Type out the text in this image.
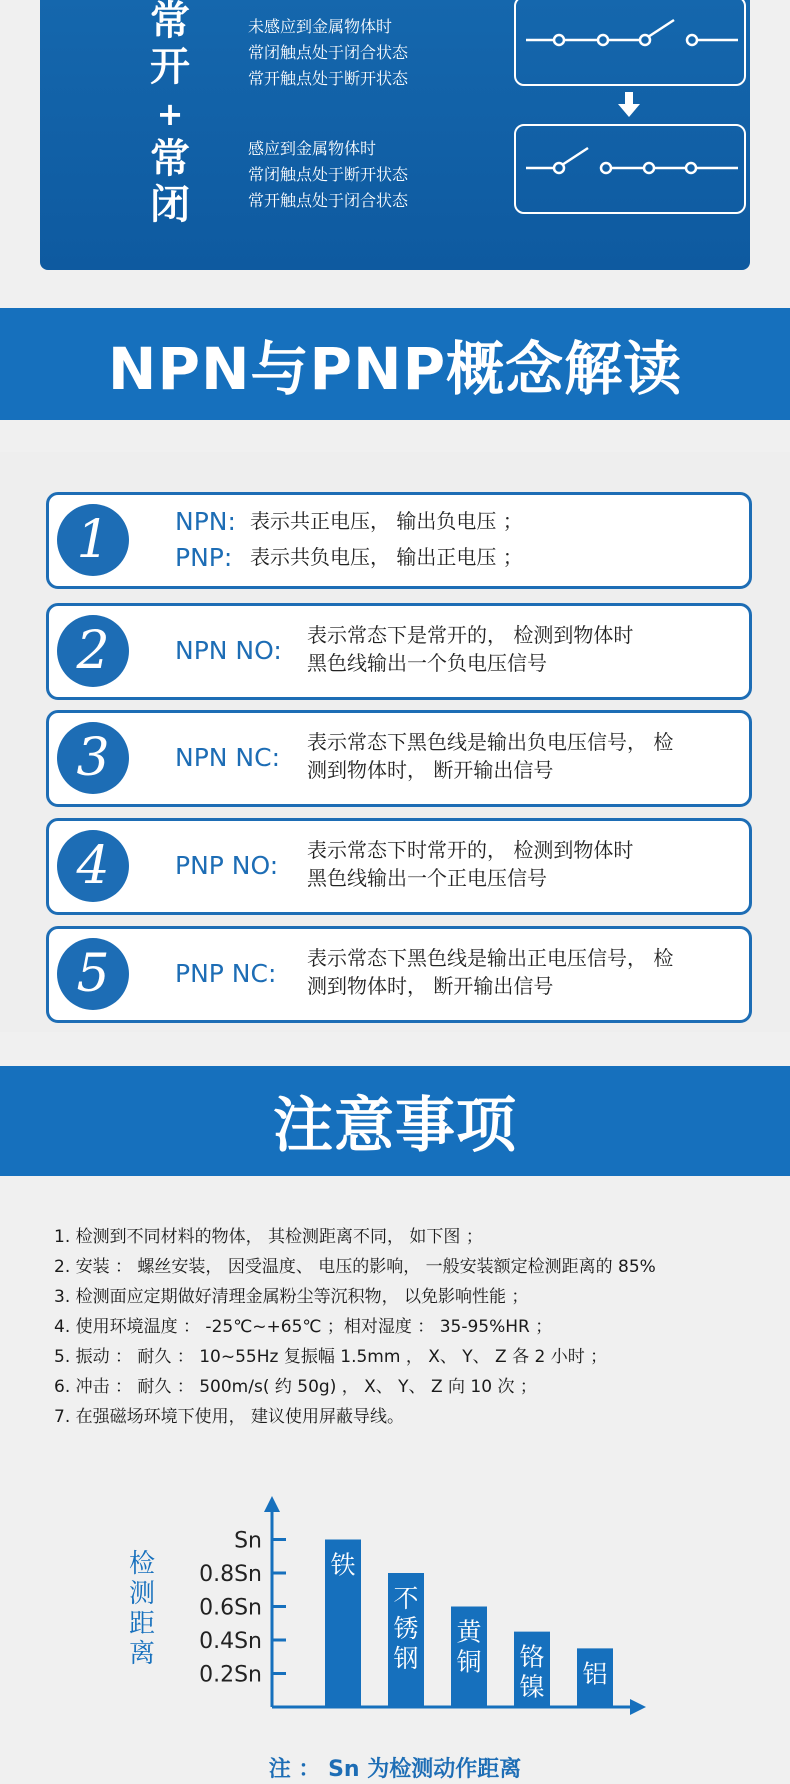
常开
+
常闭
未感应到金属物体时
常闭触点处于闭合状态
常开触点处于断开状态
感应到金属物体时
常闭触点处于断开状态
常开触点处于闭合状态
NPN与PNP概念解读
1	NPN: 表示共正电压， 输出负电压 ；
PNP: 表示共负电压， 输出正电压 ；
2	NPN NO:
表示常态下是常开的， 检测到物体时
黑色线输出一个负电压信号
3	NPN NC:
表示常态下黑色线是输出负电压信号， 检
测到物体时， 断开输出信号
4	PNP NO:
表示常态下时常开的， 检测到物体时
黑色线输出一个正电压信号
5	PNP NC:
表示常态下黑色线是输出正电压信号， 检
测到物体时， 断开输出信号
注意事项
1. 检测到不同材料的物体， 其检测距离不同， 如下图 ；
2. 安装 ： 螺丝安装， 因受温度、 电压的影响， 一般安装额定检测距离的 85%
3. 检测面应定期做好清理金属粉尘等沉积物， 以免影响性能 ；
4. 使用环境温度 ： -25℃~+65℃ ；相对湿度 ： 35-95%HR ；
5. 振动 ： 耐久 ： 10~55Hz 复振幅 1.5mm ， X、 Y、 Z 各 2 小时 ；
6. 冲击 ： 耐久 ： 500m/s( 约 50g) ， X、 Y、 Z 向 10 次 ；
7. 在强磁场环境下使用， 建议使用屏蔽导线。
Sn
0.8Sn
0.6Sn
0.4Sn
0.2Sn
检
测
距
离
铁
不
锈
钢
黄
铜 铬
镍 铝
注 ： Sn 为检测动作距离
